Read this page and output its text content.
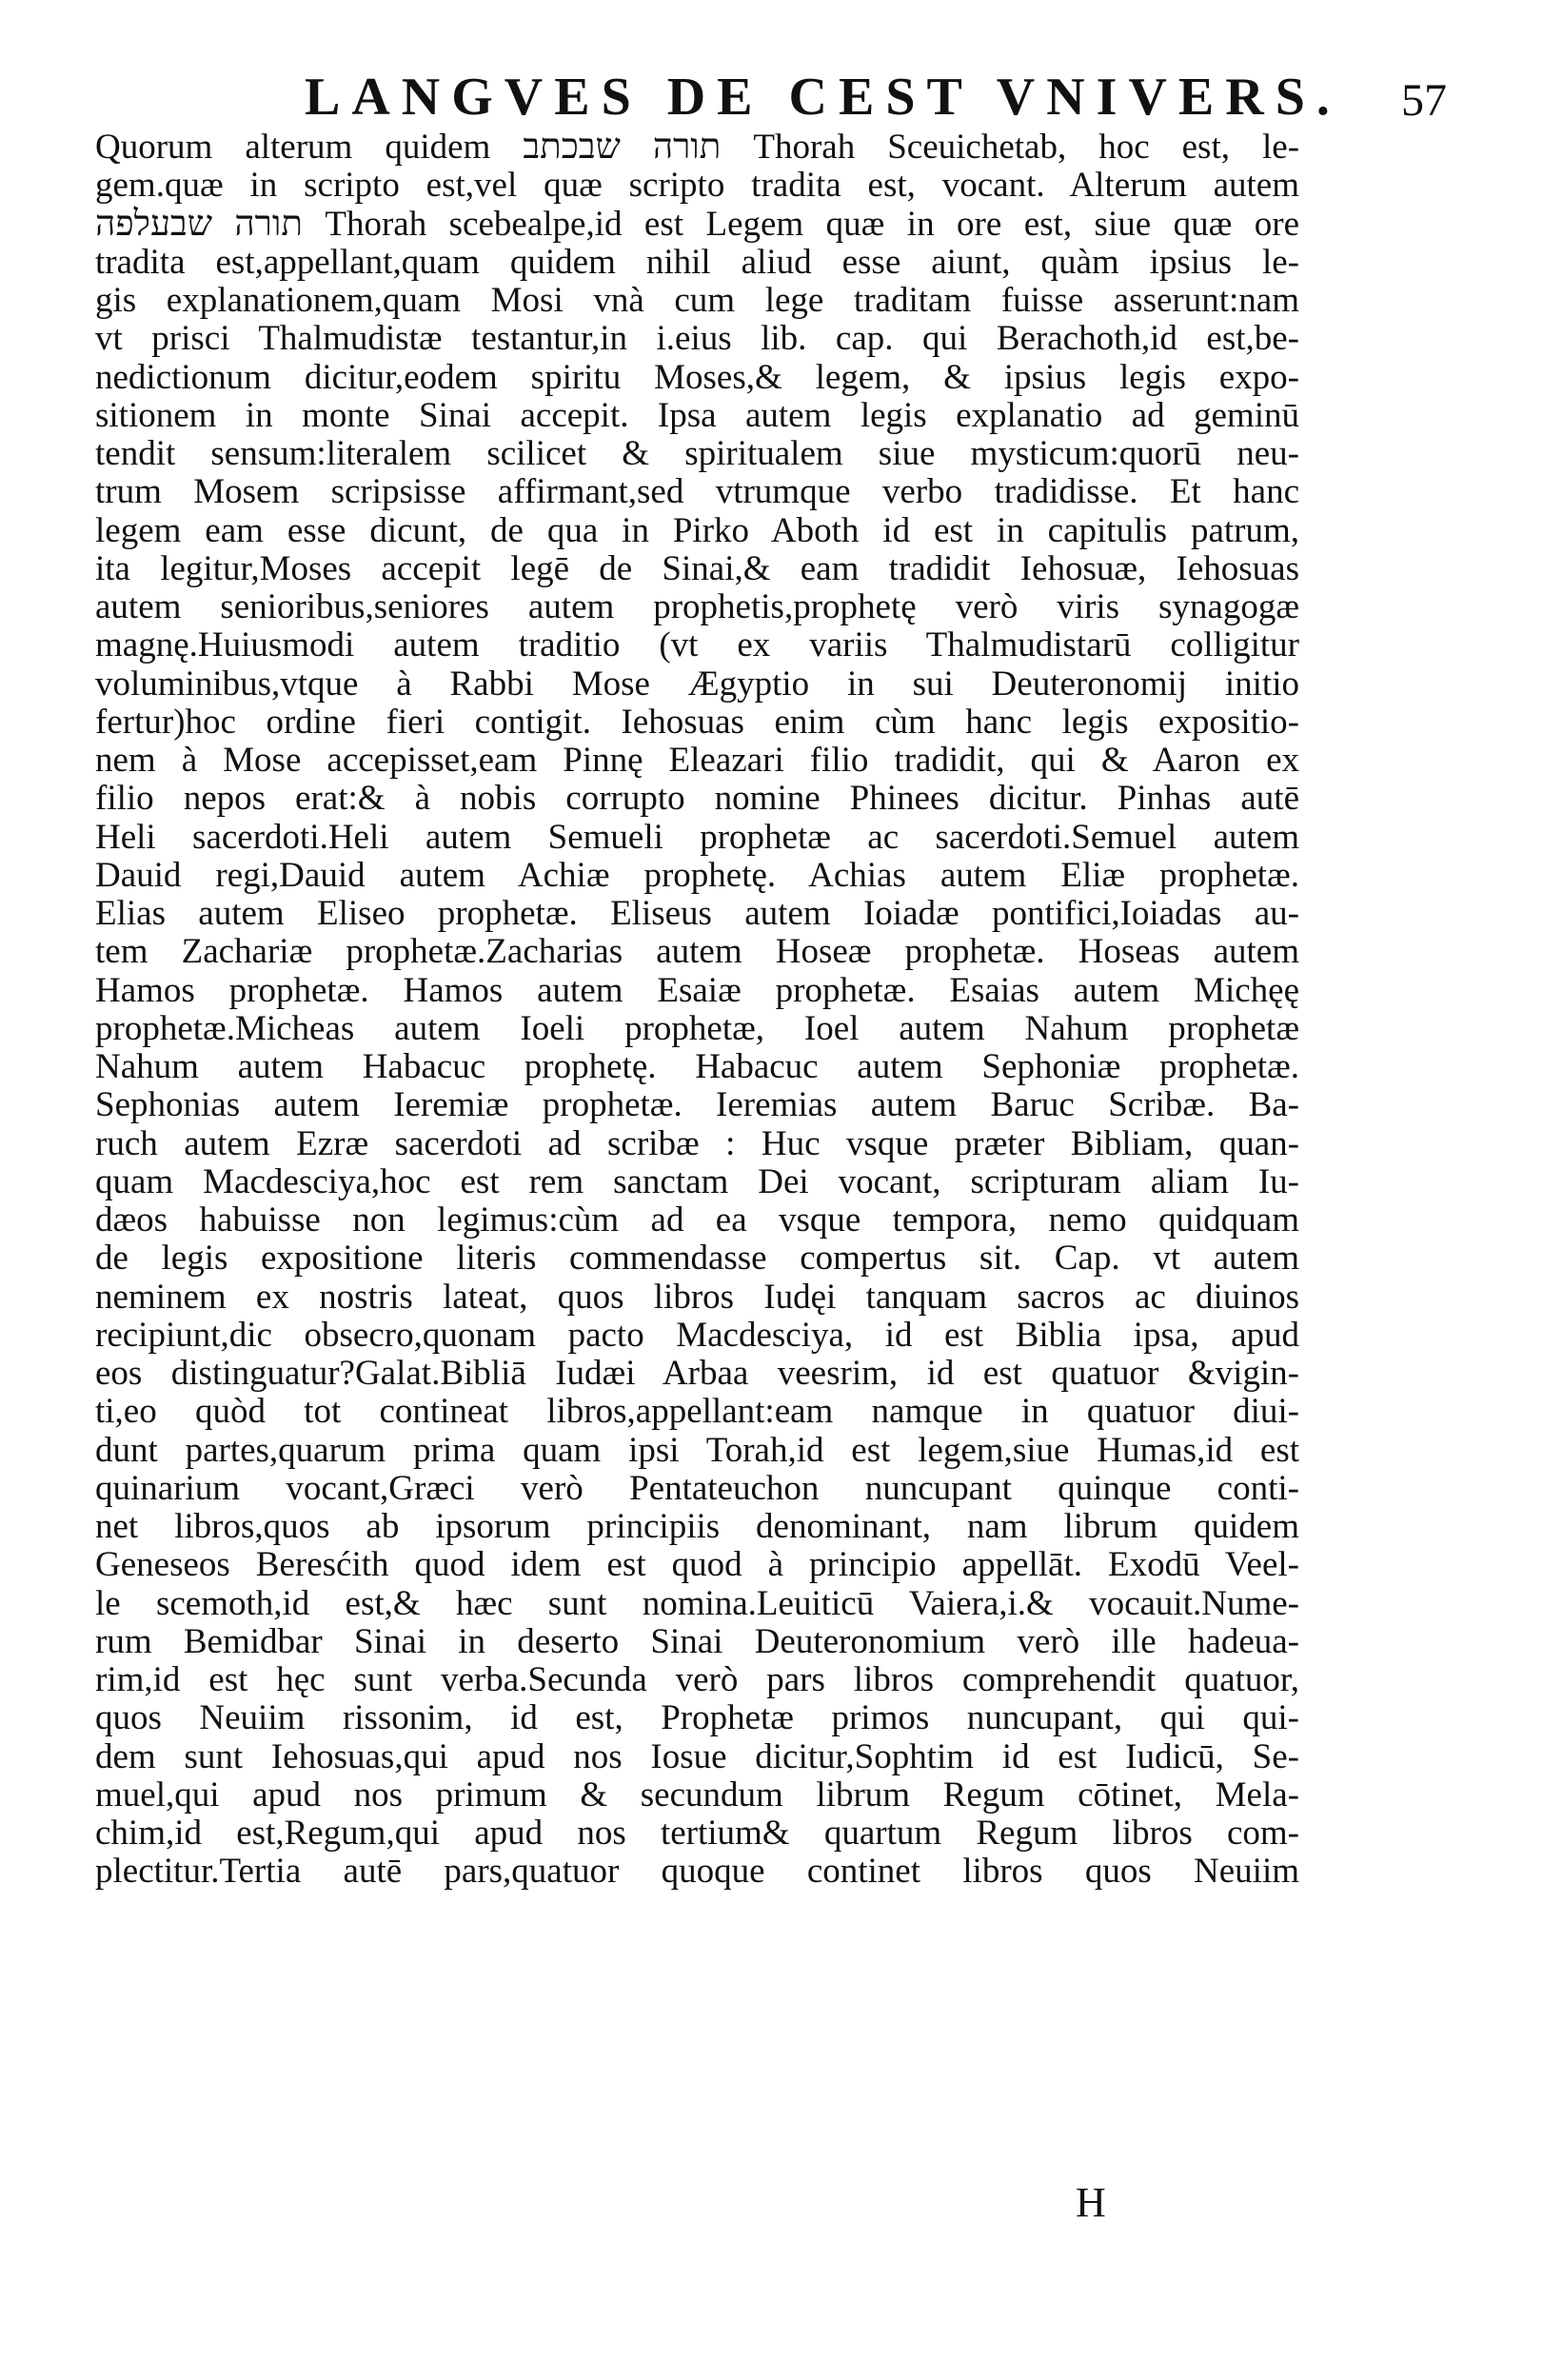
LANGVES DE CEST VNIVERS. 57
Quorum alterum quidem תורה שבכתב Thorah Sceuichetab, hoc est, le-
gem.quæ in scripto est,vel quæ scripto tradita est, vocant. Alterum autem
תורה שבעלפה Thorah scebealpe,id est Legem quæ in ore est, siue quæ ore
tradita est,appellant,quam quidem nihil aliud esse aiunt, quàm ipsius le-
gis explanationem,quam Mosi vnà cum lege traditam fuisse asserunt:nam
vt prisci Thalmudistæ testantur,in i.eius lib. cap. qui Berachoth,id est,be-
nedictionum dicitur,eodem spiritu Moses,& legem, & ipsius legis expo-
sitionem in monte Sinai accepit. Ipsa autem legis explanatio ad geminū
tendit sensum:literalem scilicet & spiritualem siue mysticum:quorū neu-
trum Mosem scripsisse affirmant,sed vtrumque verbo tradidisse. Et hanc
legem eam esse dicunt, de qua in Pirko Aboth id est in capitulis patrum,
ita legitur,Moses accepit legē de Sinai,& eam tradidit Iehosuæ, Iehosuas
autem senioribus,seniores autem prophetis,prophetę verò viris synagogæ
magnę.Huiusmodi autem traditio (vt ex variis Thalmudistarū colligitur
voluminibus,vtque à Rabbi Mose Ægyptio in sui Deuteronomij initio
fertur)hoc ordine fieri contigit. Iehosuas enim cùm hanc legis expositio-
nem à Mose accepisset,eam Pinnę Eleazari filio tradidit, qui & Aaron ex
filio nepos erat:& à nobis corrupto nomine Phinees dicitur. Pinhas autē
Heli sacerdoti.Heli autem Semueli prophetæ ac sacerdoti.Semuel autem
Dauid regi,Dauid autem Achiæ prophetę. Achias autem Eliæ prophetæ.
Elias autem Eliseo prophetæ. Eliseus autem Ioiadæ pontifici,Ioiadas au-
tem Zachariæ prophetæ.Zacharias autem Hoseæ prophetæ. Hoseas autem
Hamos prophetæ. Hamos autem Esaiæ prophetæ. Esaias autem Michęę
prophetæ.Micheas autem Ioeli prophetæ, Ioel autem Nahum prophetæ
Nahum autem Habacuc prophetę. Habacuc autem Sephoniæ prophetæ.
Sephonias autem Ieremiæ prophetæ. Ieremias autem Baruc Scribæ. Ba-
ruch autem Ezræ sacerdoti ad scribæ : Huc vsque præter Bibliam, quan-
quam Macdesciya,hoc est rem sanctam Dei vocant, scripturam aliam Iu-
dæos habuisse non legimus:cùm ad ea vsque tempora, nemo quidquam
de legis expositione literis commendasse compertus sit. Cap. vt autem
neminem ex nostris lateat, quos libros Iudęi tanquam sacros ac diuinos
recipiunt,dic obsecro,quonam pacto Macdesciya, id est Biblia ipsa, apud
eos distinguatur?Galat.Bibliā Iudæi Arbaa veesrim, id est quatuor &vigin-
ti,eo quòd tot contineat libros,appellant:eam namque in quatuor diui-
dunt partes,quarum prima quam ipsi Torah,id est legem,siue Humas,id est
quinarium vocant,Græci verò Pentateuchon nuncupant quinque conti-
net libros,quos ab ipsorum principiis denominant, nam librum quidem
Geneseos Beresćith quod idem est quod à principio appellāt. Exodū Veel-
le scemoth,id est,& hæc sunt nomina.Leuiticū Vaiera,i.& vocauit.Nume-
rum Bemidbar Sinai in deserto Sinai Deuteronomium verò ille hadeua-
rim,id est hęc sunt verba.Secunda verò pars libros comprehendit quatuor,
quos Neuiim rissonim, id est, Prophetæ primos nuncupant, qui qui-
dem sunt Iehosuas,qui apud nos Iosue dicitur,Sophtim id est Iudicū, Se-
muel,qui apud nos primum & secundum librum Regum cōtinet, Mela-
chim,id est,Regum,qui apud nos tertium& quartum Regum libros com-
plectitur.Tertia autē pars,quatuor quoque continet libros quos Neuiim
H
